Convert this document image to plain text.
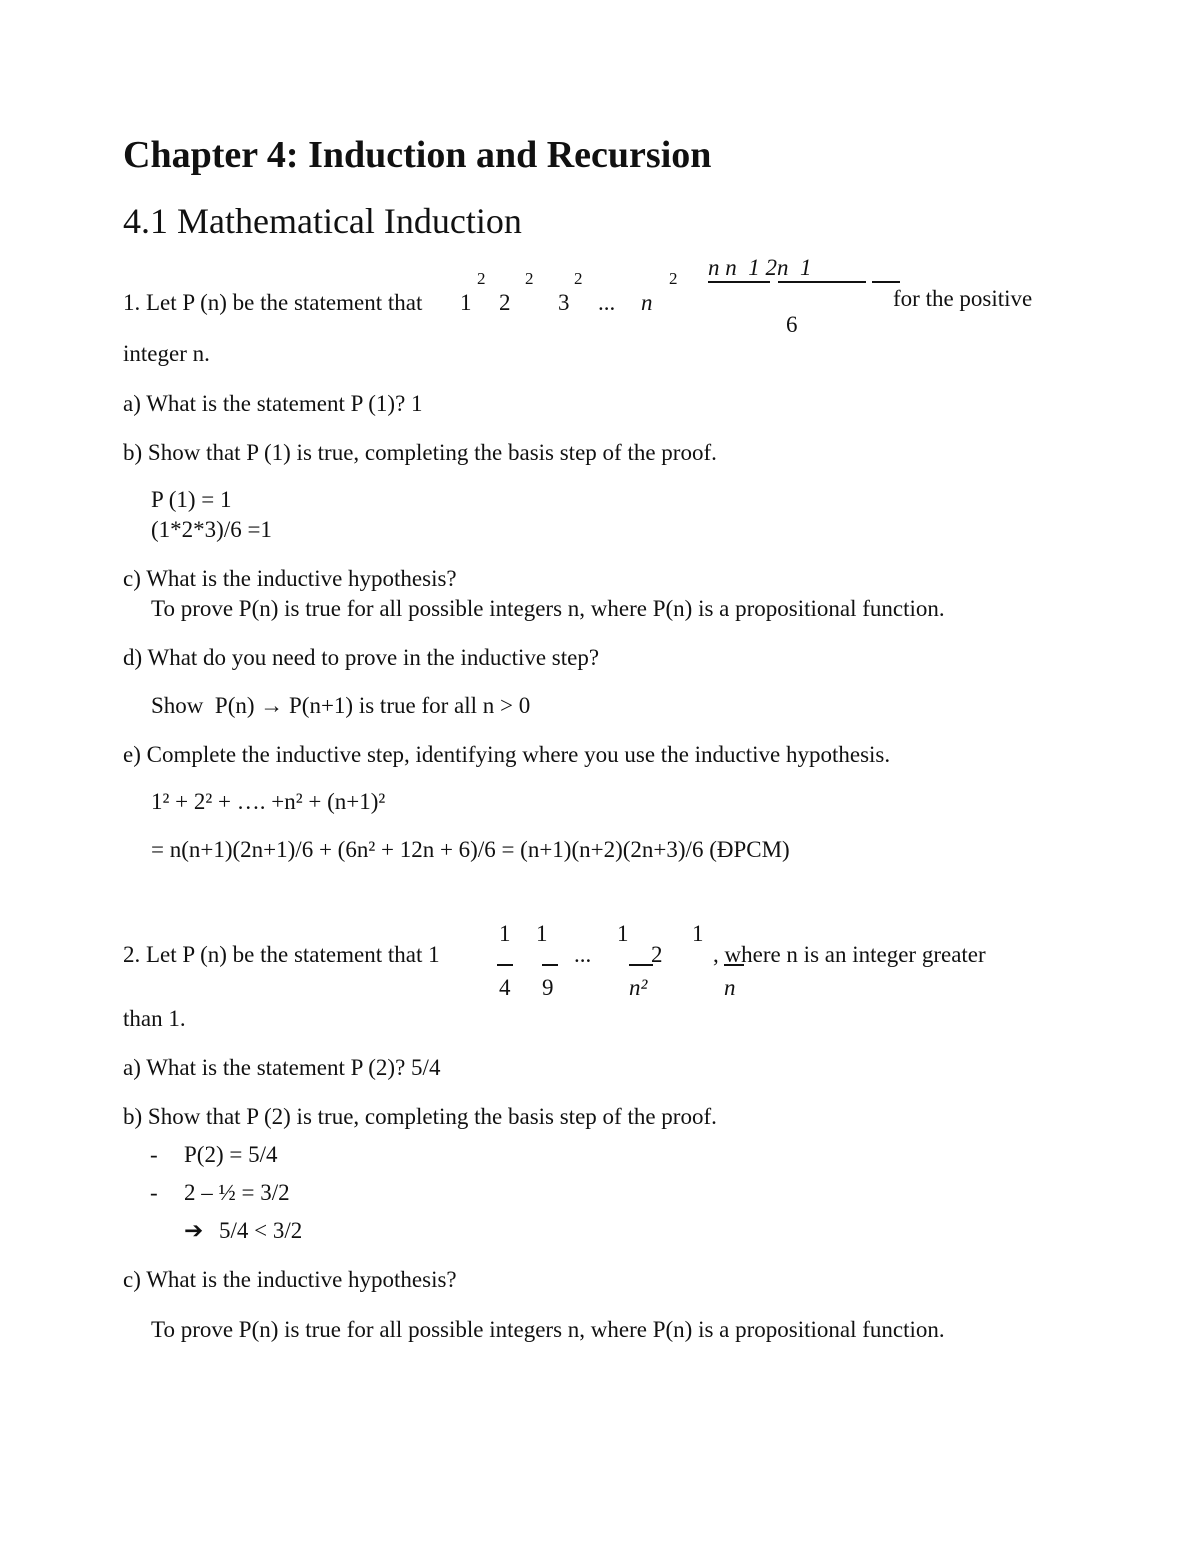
Chapter 4: Induction and Recursion
4.1 Mathematical Induction
1. Let P (n) be the statement that 1
2
2
2
3
2
... n
2 n n  1 2n  1
6
for the positive
integer n.
a) What is the statement P (1)? 1
b) Show that P (1) is true, completing the basis step of the proof.
P (1) = 1
(1*2*3)/6 =1
c) What is the inductive hypothesis?
To prove P(n) is true for all possible integers n, where P(n) is a propositional function.
d) What do you need to prove in the inductive step?
Show  P(n) → P(n+1) is true for all n > 0
e) Complete the inductive step, identifying where you use the inductive hypothesis.
1² + 2² + …. +n² + (n+1)²
= n(n+1)(2n+1)/6 + (6n² + 12n + 6)/6 = (n+1)(n+2)(2n+3)/6 (ĐPCM)
2. Let P (n) be the statement that 1
1
4
1
9
...
1
n²
2
1
n
, where n is an integer greater
than 1.
a) What is the statement P (2)? 5/4
b) Show that P (2) is true, completing the basis step of the proof.
- P(2) = 5/4
- 2 – ½ = 3/2
➔ 5/4 < 3/2
c) What is the inductive hypothesis?
To prove P(n) is true for all possible integers n, where P(n) is a propositional function.
